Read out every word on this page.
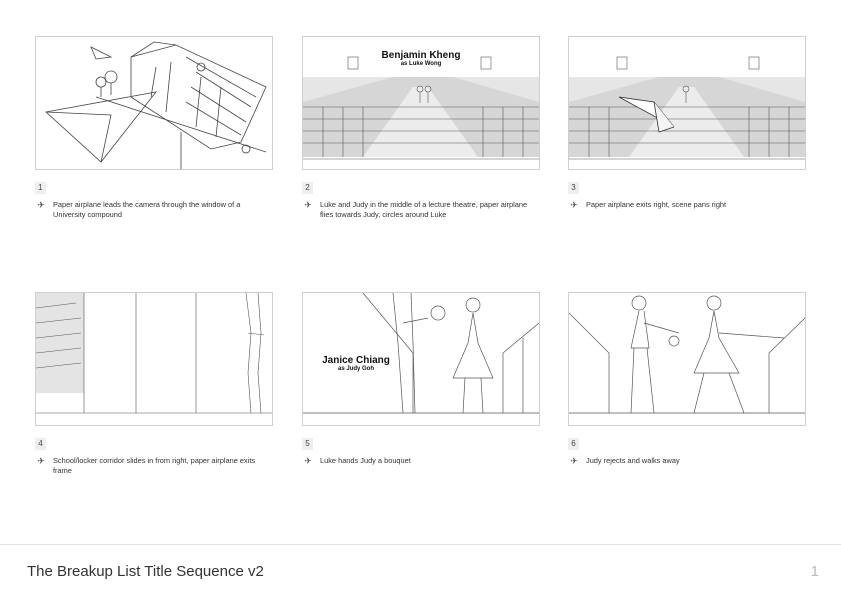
1
✈	Paper airplane leads the camera through the window of a University compound
Benjamin Kheng
as Luke Wong
2
✈	Luke and Judy in the middle of a lecture theatre, paper airplane flies towards Judy, circles around Luke
3
✈	Paper airplane exits right, scene pans right
4
✈	School/locker corridor slides in from right, paper airplane exits frame
Janice Chiang
as Judy Goh
5
✈	Luke hands Judy a bouquet
6
✈	Judy rejects and walks away
The Breakup List Title Sequence v2	1
